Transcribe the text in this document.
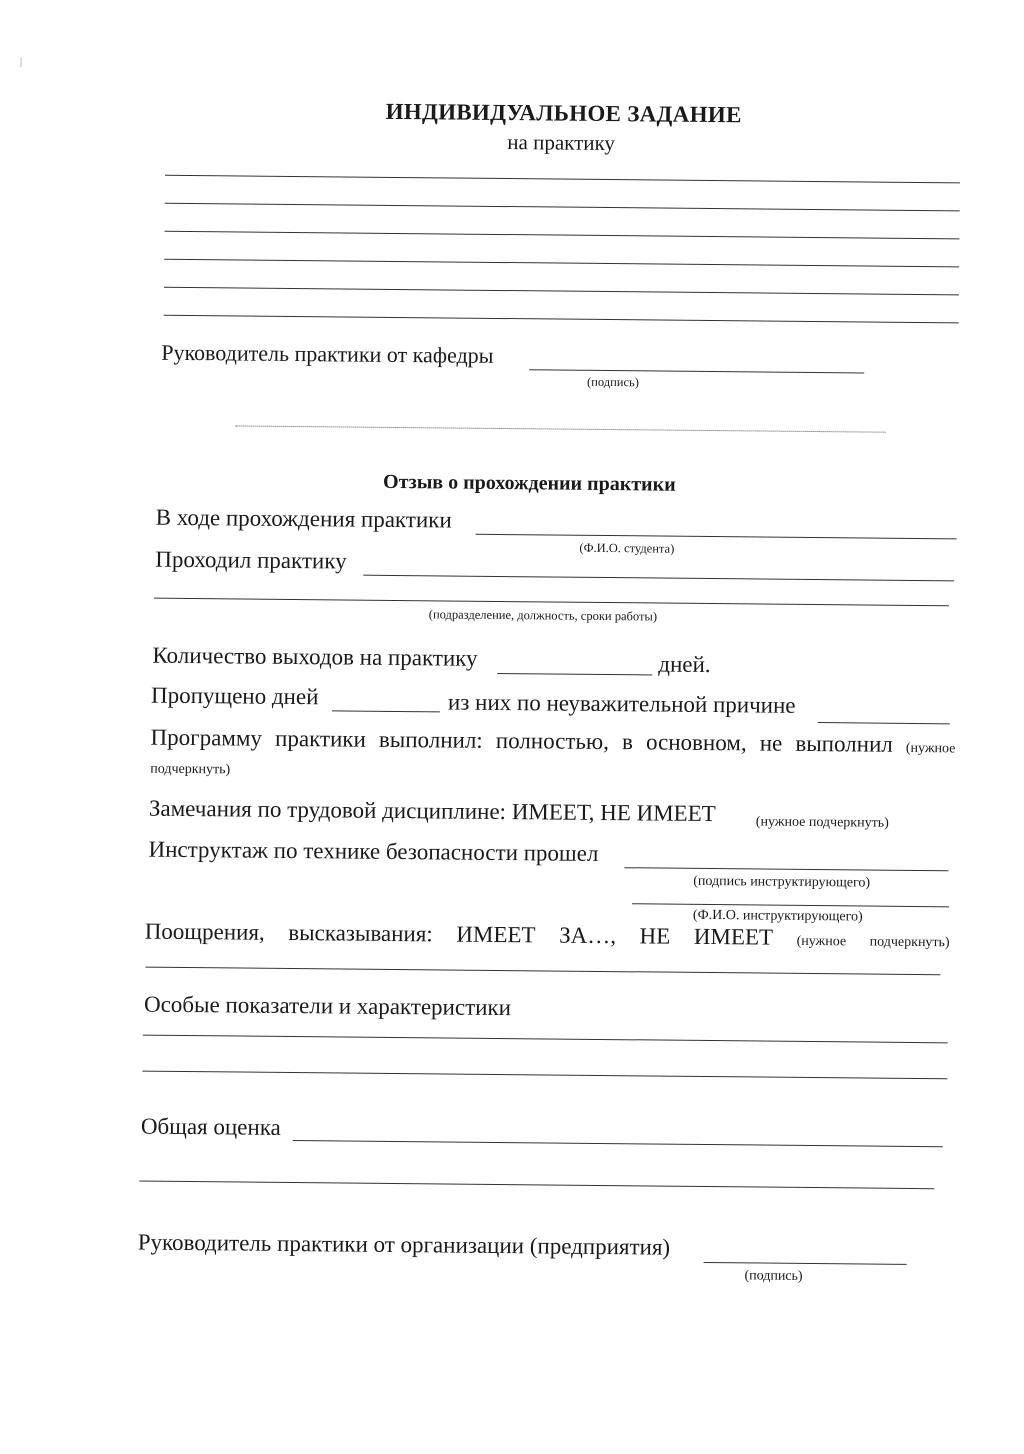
ИНДИВИДУАЛЬНОЕ ЗАДАНИЕ
на практику
Руководитель практики от кафедры
(подпись)
Отзыв о прохождении практики
В ходе прохождения практики
(Ф.И.О. студента)
Проходил практику
(подразделение, должность, сроки работы)
Количество выходов на практику	дней.
Пропущено дней	из них по неуважительной причине
Программу практики выполнил: полностью, в основном, не выполнил (нужное
подчеркнуть)
Замечания по трудовой дисциплине: ИМЕЕТ, НЕ ИМЕЕТ	(нужное подчеркнуть)
Инструктаж по технике безопасности прошел
(подпись инструктирующего)
(Ф.И.О. инструктирующего)
Поощрения, высказывания: ИМЕЕТ ЗА…, НЕ ИМЕЕТ (нужное подчеркнуть)
Особые показатели и характеристики
Общая оценка
Руководитель практики от организации (предприятия)
(подпись)
